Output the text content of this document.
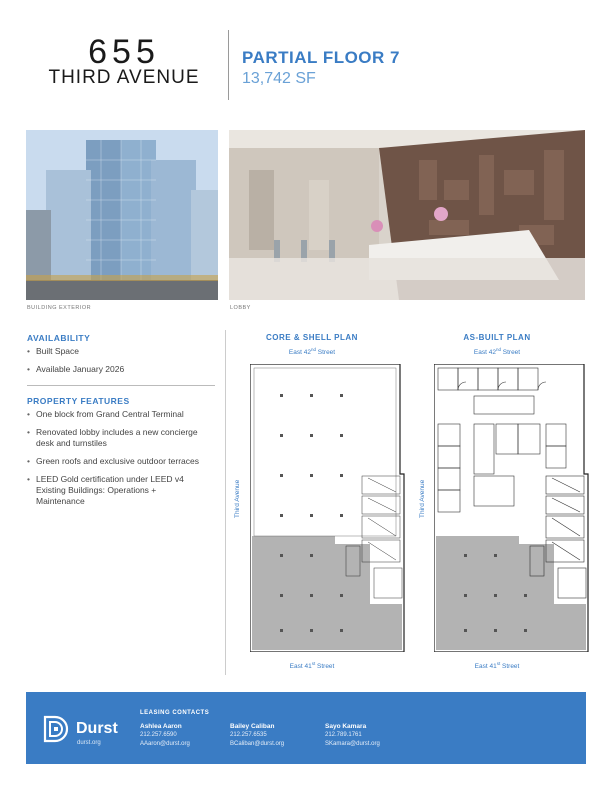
655
THIRD AVENUE
PARTIAL FLOOR 7
13,742 SF
BUILDING EXTERIOR	LOBBY
AVAILABILITY
• Built Space
• Available January 2026
PROPERTY FEATURES
• One block from Grand Central Terminal
• Renovated lobby includes a new concierge desk and turnstiles
• Green roofs and exclusive outdoor terraces
• LEED Gold certification under LEED v4 Existing Buildings: Operations + Maintenance
CORE & SHELL PLAN
East 42nd Street
Third Avenue
East 41st Street
AS-BUILT PLAN
East 42nd Street
Third Avenue
East 41st Street
Durst
durst.org
LEASING CONTACTS
Ashlea Aaron
212.257.6590
AAaron@durst.org
Bailey Caliban
212.257.6535
BCaliban@durst.org
Sayo Kamara
212.789.1761
SKamara@durst.org
